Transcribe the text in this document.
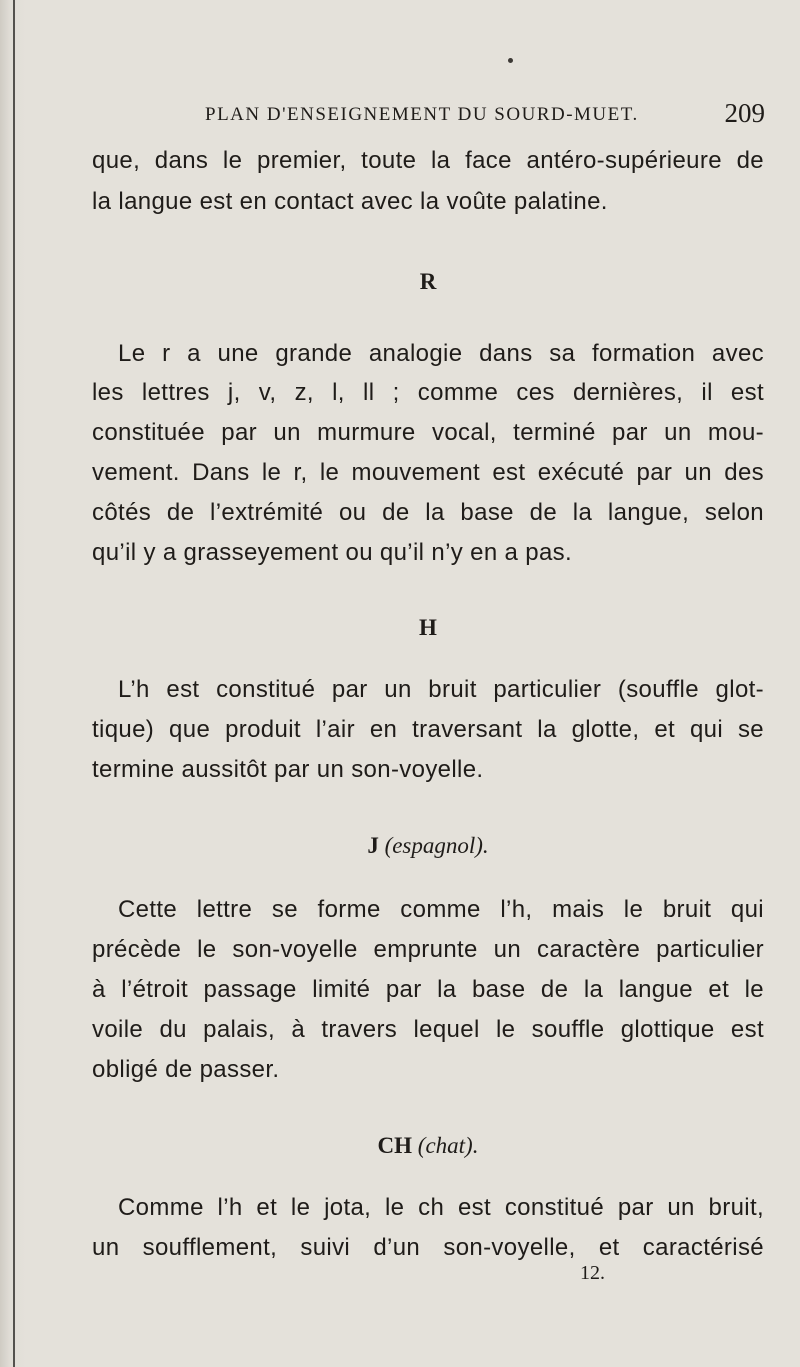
PLAN D'ENSEIGNEMENT DU SOURD-MUET.	209
que, dans le premier, toute la face antéro-supérieure de
la langue est en contact avec la voûte palatine.
R
Le r a une grande analogie dans sa formation avec
les lettres j, v, z, l, ll ; comme ces dernières, il est
constituée par un murmure vocal, terminé par un mou-
vement. Dans le r, le mouvement est exécuté par un des
côtés de l’extrémité ou de la base de la langue, selon
qu’il y a grasseyement ou qu’il n’y en a pas.
H
L’h est constitué par un bruit particulier (souffle glot-
tique) que produit l’air en traversant la glotte, et qui se
termine aussitôt par un son-voyelle.
J (espagnol).
Cette lettre se forme comme l’h, mais le bruit qui
précède le son-voyelle emprunte un caractère particulier
à l’étroit passage limité par la base de la langue et le
voile du palais, à travers lequel le souffle glottique est
obligé de passer.
CH (chat).
Comme l’h et le jota, le ch est constitué par un bruit,
un soufflement, suivi d’un son-voyelle, et caractérisé
12.
